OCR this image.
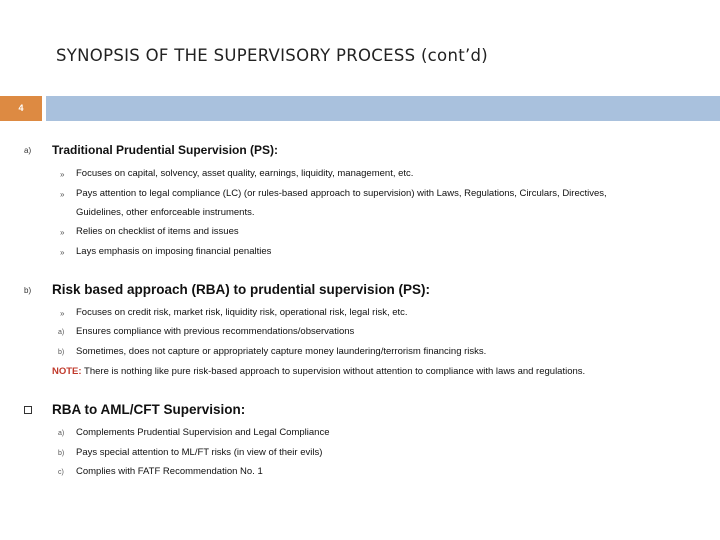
SYNOPSIS OF THE SUPERVISORY PROCESS (cont’d)
4
a) Traditional Prudential Supervision (PS):
» Focuses on capital, solvency, asset quality, earnings, liquidity, management, etc.
» Pays attention to legal compliance (LC) (or rules-based approach to supervision) with Laws, Regulations, Circulars, Directives,
Guidelines, other enforceable instruments.
» Relies on checklist of items and issues
» Lays emphasis on imposing financial penalties
b) Risk based approach (RBA) to prudential supervision (PS):
» Focuses on credit risk, market risk, liquidity risk, operational risk, legal risk, etc.
a) Ensures compliance with previous recommendations/observations
b) Sometimes, does not capture or appropriately capture money laundering/terrorism financing risks.
NOTE: There is nothing like pure risk-based approach to supervision without attention to compliance with laws and regulations.
RBA to AML/CFT Supervision:
a) Complements Prudential Supervision and Legal Compliance
b) Pays special attention to ML/FT risks (in view of their evils)
c) Complies with FATF Recommendation No. 1
